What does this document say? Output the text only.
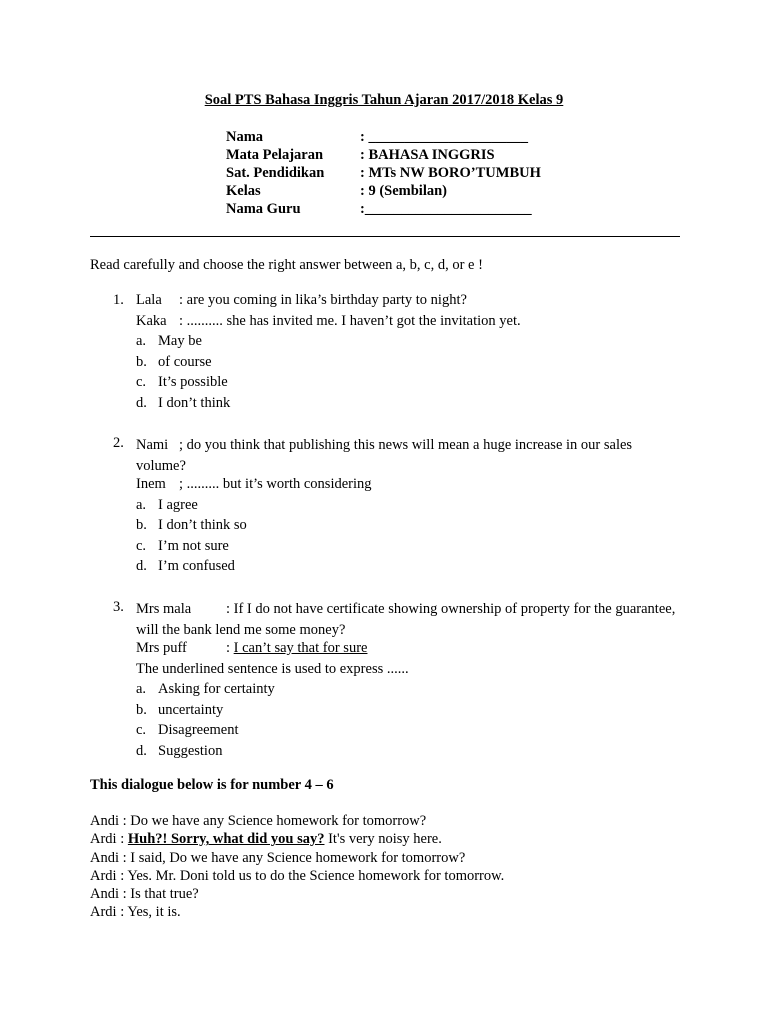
Soal PTS Bahasa Inggris Tahun Ajaran 2017/2018 Kelas 9
Nama	: ______________________
Mata Pelajaran	: BAHASA INGGRIS
Sat. Pendidikan	: MTs NW BORO’TUMBUH
Kelas	: 9 (Sembilan)
Nama Guru	:_______________________
Read carefully and choose the right answer between a, b, c, d, or e !
1. Lala : are you coming in lika’s birthday party to night?
Kaka : .......... she has invited me. I haven’t got the invitation yet.
a. May be
b. of course
c. It’s possible
d. I don’t think
2. Nami ; do you think that publishing this news will mean a huge increase in our sales volume?
Inem ; ......... but it’s worth considering
a. I agree
b. I don’t think so
c. I’m not sure
d. I’m confused
3. Mrs mala : If I do not have certificate showing ownership of property for the guarantee, will the bank lend me some money?
Mrs puff	: I can’t say that for sure
The underlined sentence is used to express ......
a. Asking for certainty
b. uncertainty
c. Disagreement
d. Suggestion
This dialogue below is for number 4 – 6
Andi : Do we have any Science homework for tomorrow?
Ardi : Huh?! Sorry, what did you say? It's very noisy here.
Andi : I said, Do we have any Science homework for tomorrow?
Ardi : Yes. Mr. Doni told us to do the Science homework for tomorrow.
Andi : Is that true?
Ardi : Yes, it is.
